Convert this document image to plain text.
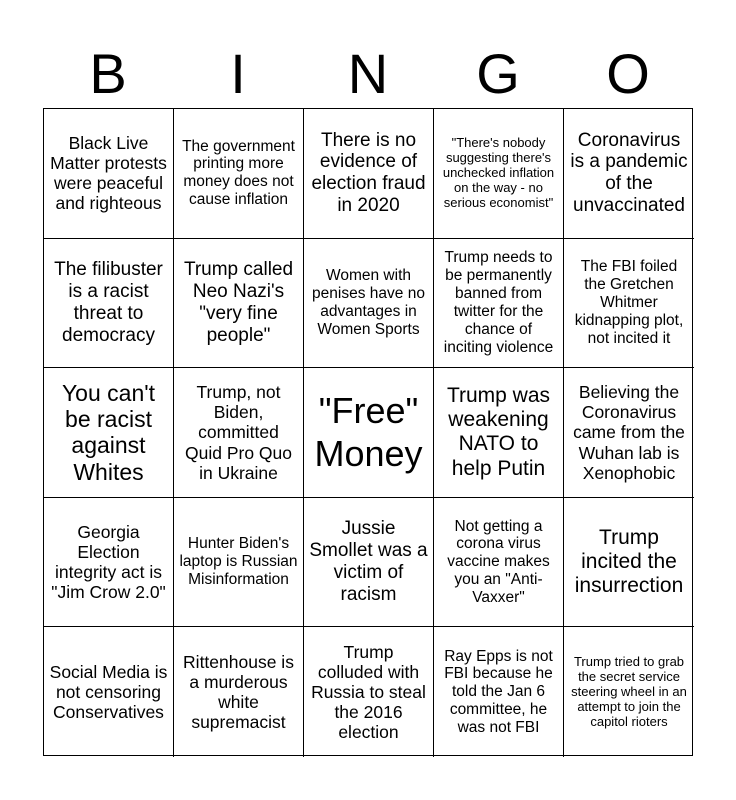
B	I	N	G	O
Black Live Matter protests were peaceful and righteous
The government printing more money does not cause inflation
There is no evidence of election fraud in 2020
"There's nobody suggesting there's unchecked inflation on the way - no serious economist"
Coronavirus is a pandemic of the unvaccinated
The filibuster is a racist threat to democracy
Trump called Neo Nazi's "very fine people"
Women with penises have no advantages in Women Sports
Trump needs to be permanently banned from twitter for the chance of inciting violence
The FBI foiled the Gretchen Whitmer kidnapping plot, not incited it
You can't be racist against Whites
Trump, not Biden, committed Quid Pro Quo in Ukraine
"Free" Money
Trump was weakening NATO to help Putin
Believing the Coronavirus came from the Wuhan lab is Xenophobic
Georgia Election integrity act is "Jim Crow 2.0"
Hunter Biden's laptop is Russian Misinformation
Jussie Smollet was a victim of racism
Not getting a corona virus vaccine makes you an "Anti-Vaxxer"
Trump incited the insurrection
Social Media is not censoring Conservatives
Rittenhouse is a murderous white supremacist
Trump colluded with Russia to steal the 2016 election
Ray Epps is not FBI because he told the Jan 6 committee, he was not FBI
Trump tried to grab the secret service steering wheel in an attempt to join the capitol rioters
